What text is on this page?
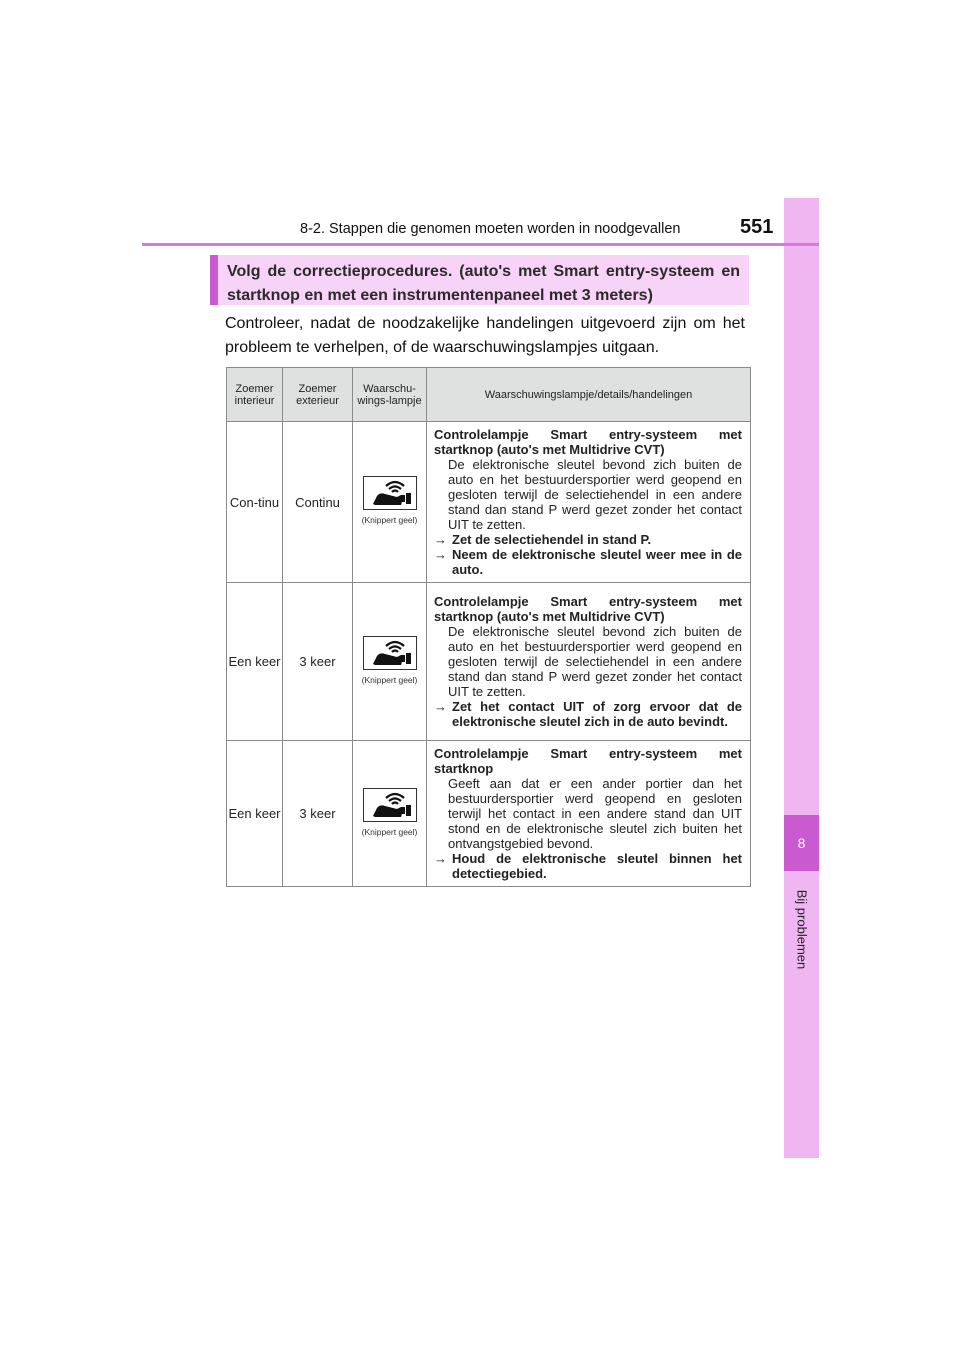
8
Bij problemen
8-2. Stappen die genomen moeten worden in noodgevallen	551
Volg de correctieprocedures. (auto's met Smart entry-systeem en startknop en met een instrumentenpaneel met 3 meters)
Controleer, nadat de noodzakelijke handelingen uitgevoerd zijn om het probleem te verhelpen, of de waarschuwingslampjes uitgaan.
Zoemer interieur	Zoemer exterieur	Waarschu-wings-lampje	Waarschuwingslampje/details/handelingen
Con-tinu	Continu	(Knippert geel)	Controlelampje Smart entry-systeem met startknop (auto's met Multidrive CVT)
De elektronische sleutel bevond zich buiten de auto en het bestuurdersportier werd geopend en gesloten terwijl de selectiehendel in een andere stand dan stand P werd gezet zonder het contact UIT te zetten.
→ Zet de selectiehendel in stand P.
→ Neem de elektronische sleutel weer mee in de auto.

Een keer	3 keer	(Knippert geel)	Controlelampje Smart entry-systeem met startknop (auto's met Multidrive CVT)
De elektronische sleutel bevond zich buiten de auto en het bestuurdersportier werd geopend en gesloten terwijl de selectiehendel in een andere stand dan stand P werd gezet zonder het contact UIT te zetten.
→ Zet het contact UIT of zorg ervoor dat de elektronische sleutel zich in de auto bevindt.

Een keer	3 keer	(Knippert geel)	Controlelampje Smart entry-systeem met startknop
Geeft aan dat er een ander portier dan het bestuurdersportier werd geopend en gesloten terwijl het contact in een andere stand dan UIT stond en de elektronische sleutel zich buiten het ontvangstgebied bevond.
→ Houd de elektronische sleutel binnen het detectiegebied.
